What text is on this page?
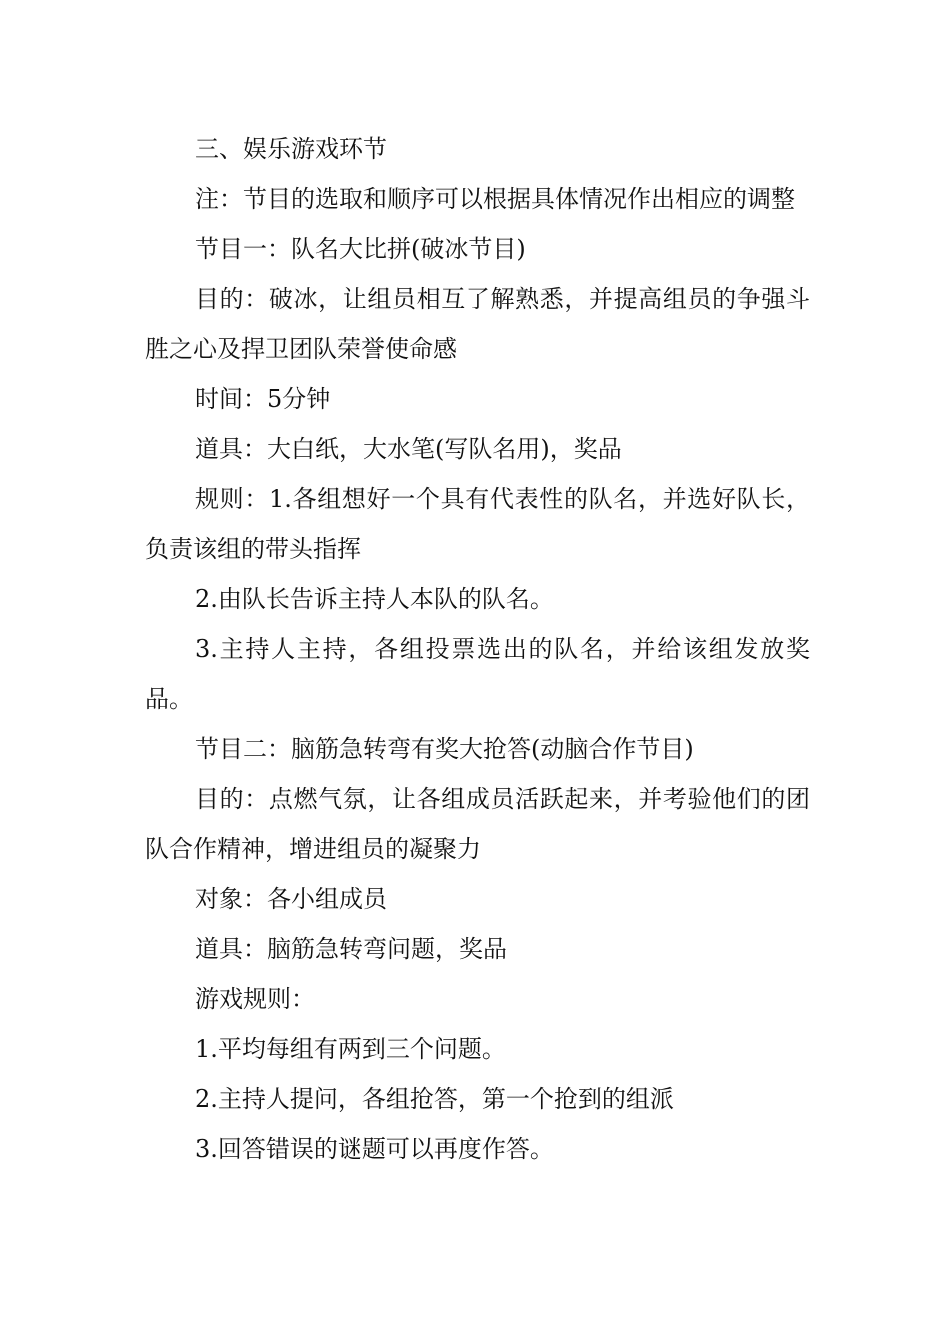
三、娱乐游戏环节

注：节目的选取和顺序可以根据具体情况作出相应的调整

节目一：队名大比拼(破冰节目)

目的：破冰，让组员相互了解熟悉，并提高组员的争强斗胜之心及捍卫团队荣誉使命感

时间：5分钟

道具：大白纸，大水笔(写队名用)，奖品

规则：1.各组想好一个具有代表性的队名，并选好队长，负责该组的带头指挥

2.由队长告诉主持人本队的队名。

3.主持人主持，各组投票选出的队名，并给该组发放奖品。

节目二：脑筋急转弯有奖大抢答(动脑合作节目)

目的：点燃气氛，让各组成员活跃起来，并考验他们的团队合作精神，增进组员的凝聚力

对象：各小组成员

道具：脑筋急转弯问题，奖品

游戏规则：

1.平均每组有两到三个问题。

2.主持人提问，各组抢答，第一个抢到的组派

3.回答错误的谜题可以再度作答。
